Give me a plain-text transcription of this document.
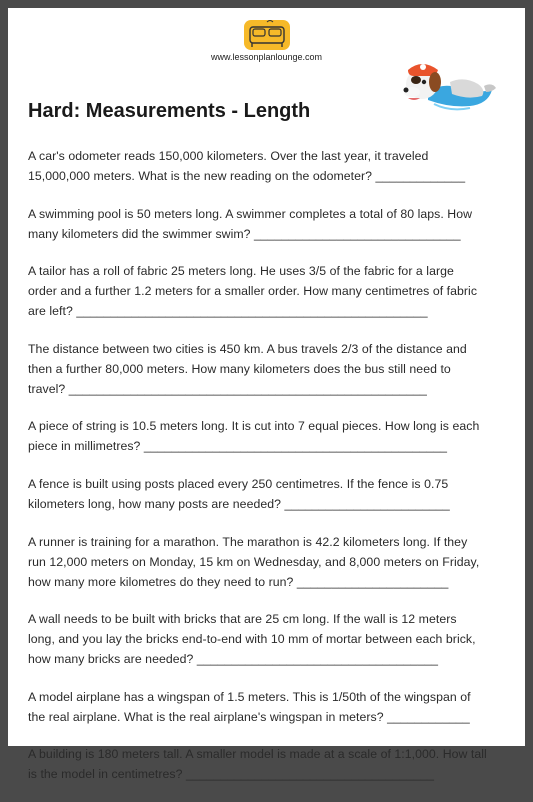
www.lessonplanlounge.com
Hard: Measurements - Length
A car's odometer reads 150,000 kilometers. Over the last year, it traveled
15,000,000 meters. What is the new reading on the odometer? _____________
A swimming pool is 50 meters long. A swimmer completes a total of 80 laps. How
many kilometers did the swimmer swim? ______________________________
A tailor has a roll of fabric 25 meters long. He uses 3/5 of the fabric for a large
order and a further 1.2 meters for a smaller order. How many centimetres of fabric
are left? ___________________________________________________
The distance between two cities is 450 km. A bus travels 2/3 of the distance and
then a further 80,000 meters. How many kilometers does the bus still need to
travel? ____________________________________________________
A piece of string is 10.5 meters long. It is cut into 7 equal pieces. How long is each
piece in millimetres? ____________________________________________
A fence is built using posts placed every 250 centimetres. If the fence is 0.75
kilometers long, how many posts are needed? ________________________
A runner is training for a marathon. The marathon is 42.2 kilometers long. If they
run 12,000 meters on Monday, 15 km on Wednesday, and 8,000 meters on Friday,
how many more kilometres do they need to run? ______________________
A wall needs to be built with bricks that are 25 cm long. If the wall is 12 meters
long, and you lay the bricks end-to-end with 10 mm of mortar between each brick,
how many bricks are needed? ___________________________________
A model airplane has a wingspan of 1.5 meters. This is 1/50th of the wingspan of
the real airplane. What is the real airplane's wingspan in meters? ____________
A building is 180 meters tall. A smaller model is made at a scale of 1:1,000. How tall
is the model in centimetres? ____________________________________
